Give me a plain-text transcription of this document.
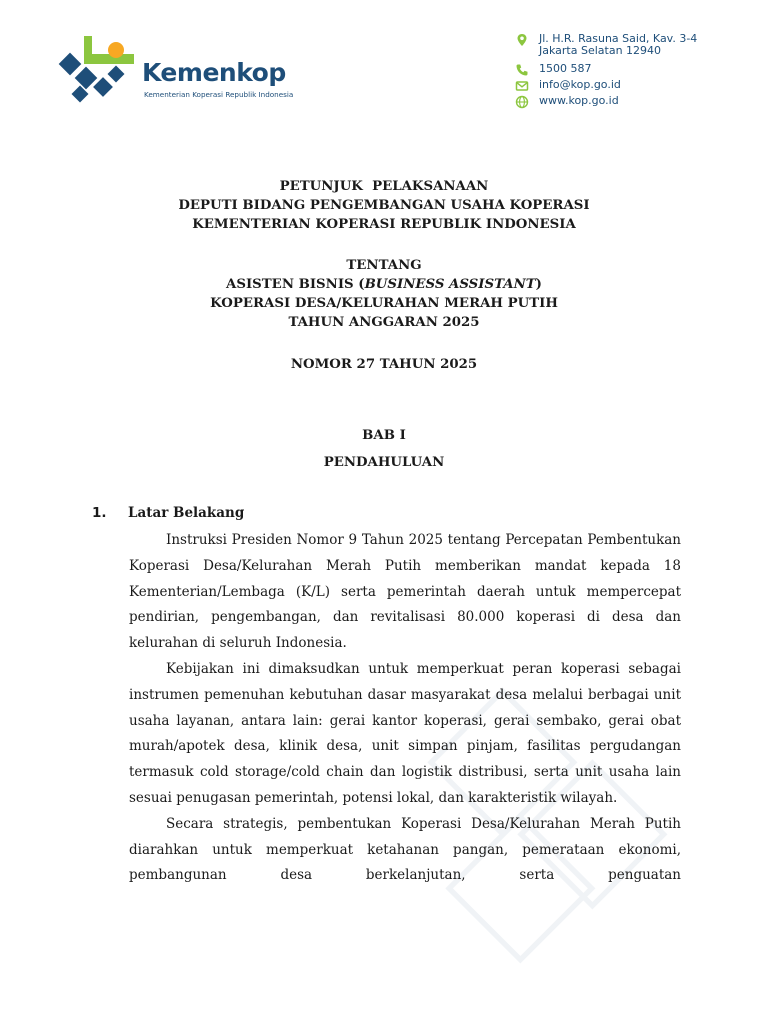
Kemenkop
Kementerian Koperasi Republik Indonesia
Jl. H.R. Rasuna Said, Kav. 3-4
Jakarta Selatan 12940
1500 587
info@kop.go.id
www.kop.go.id
PETUNJUK  PELAKSANAAN
DEPUTI BIDANG PENGEMBANGAN USAHA KOPERASI
KEMENTERIAN KOPERASI REPUBLIK INDONESIA
TENTANG
ASISTEN BISNIS (BUSINESS ASSISTANT)
KOPERASI DESA/KELURAHAN MERAH PUTIH
TAHUN ANGGARAN 2025
NOMOR 27 TAHUN 2025
BAB I
PENDAHULUAN
1. Latar Belakang

Instruksi Presiden Nomor 9 Tahun 2025 tentang Percepatan Pembentukan Koperasi Desa/Kelurahan Merah Putih memberikan mandat kepada 18 Kementerian/Lembaga (K/L) serta pemerintah daerah untuk mempercepat pendirian, pengembangan, dan revitalisasi 80.000 koperasi di desa dan kelurahan di seluruh Indonesia.

Kebijakan ini dimaksudkan untuk memperkuat peran koperasi sebagai instrumen pemenuhan kebutuhan dasar masyarakat desa melalui berbagai unit usaha layanan, antara lain: gerai kantor koperasi, gerai sembako, gerai obat murah/apotek desa, klinik desa, unit simpan pinjam, fasilitas pergudangan termasuk cold storage/cold chain dan logistik distribusi, serta unit usaha lain sesuai penugasan pemerintah, potensi lokal, dan karakteristik wilayah.

Secara strategis, pembentukan Koperasi Desa/Kelurahan Merah Putih diarahkan untuk memperkuat ketahanan pangan, pemerataan ekonomi, pembangunan desa berkelanjutan, serta penguatan
